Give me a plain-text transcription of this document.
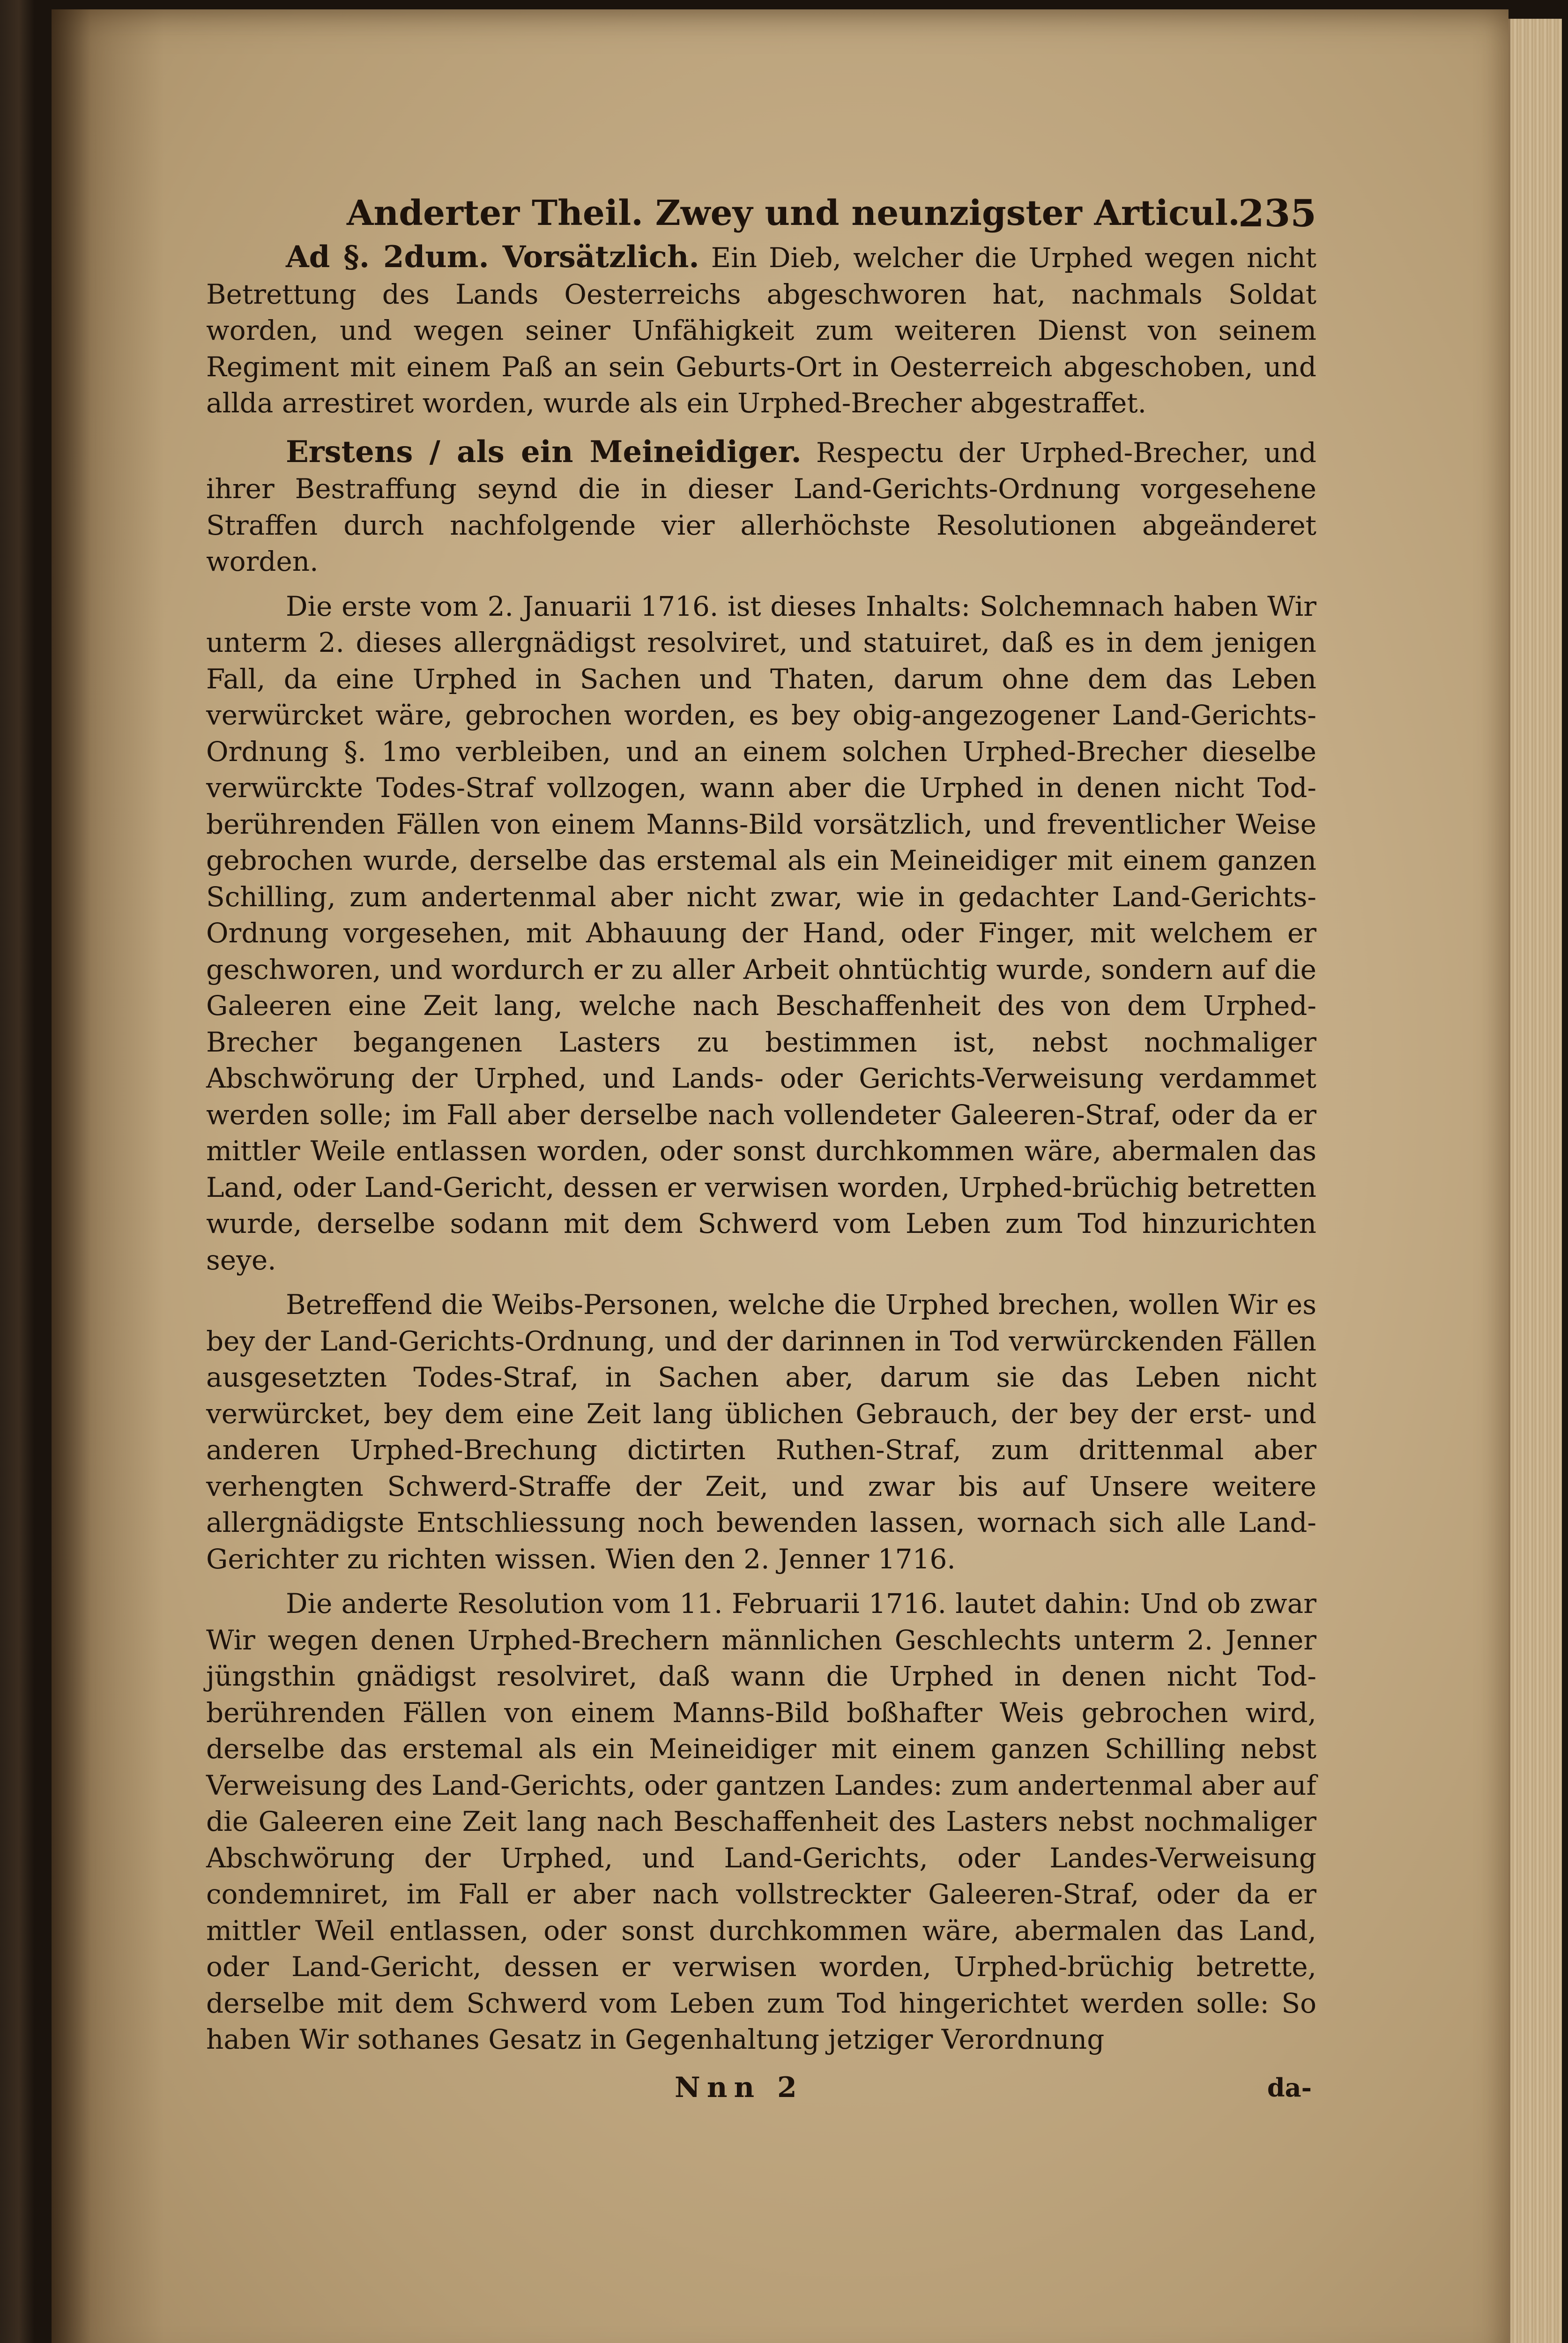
Anderter Theil. Zwey und neunzigster Articul.
235

Ad §. 2dum. Vorsätzlich. Ein Dieb, welcher die Urphed wegen nicht Betrettung des Lands Oesterreichs abgeschworen hat, nachmals Soldat worden, und wegen seiner Unfähigkeit zum weiteren Dienst von seinem Regiment mit einem Paß an sein Geburts-Ort in Oesterreich abgeschoben, und allda arrestiret worden, wurde als ein Urphed-Brecher abgestraffet.

Erstens / als ein Meineidiger. Respectu der Urphed-Brecher, und ihrer Bestraffung seynd die in dieser Land-Gerichts-Ordnung vorgesehene Straffen durch nachfolgende vier allerhöchste Resolutionen abgeänderet worden.

Die erste vom 2. Januarii 1716. ist dieses Inhalts: Solchemnach haben Wir unterm 2. dieses allergnädigst resolviret, und statuiret, daß es in dem jenigen Fall, da eine Urphed in Sachen und Thaten, darum ohne dem das Leben verwürcket wäre, gebrochen worden, es bey obig-angezogener Land-Gerichts-Ordnung §. 1mo verbleiben, und an einem solchen Urphed-Brecher dieselbe verwürckte Todes-Straf vollzogen, wann aber die Urphed in denen nicht Tod-berührenden Fällen von einem Manns-Bild vorsätzlich, und freventlicher Weise gebrochen wurde, derselbe das erstemal als ein Meineidiger mit einem ganzen Schilling, zum andertenmal aber nicht zwar, wie in gedachter Land-Gerichts-Ordnung vorgesehen, mit Abhauung der Hand, oder Finger, mit welchem er geschworen, und wordurch er zu aller Arbeit ohntüchtig wurde, sondern auf die Galeeren eine Zeit lang, welche nach Beschaffenheit des von dem Urphed-Brecher begangenen Lasters zu bestimmen ist, nebst nochmaliger Abschwörung der Urphed, und Lands- oder Gerichts-Verweisung verdammet werden solle; im Fall aber derselbe nach vollendeter Galeeren-Straf, oder da er mittler Weile entlassen worden, oder sonst durchkommen wäre, abermalen das Land, oder Land-Gericht, dessen er verwisen worden, Urphed-brüchig betretten wurde, derselbe sodann mit dem Schwerd vom Leben zum Tod hinzurichten seye.

Betreffend die Weibs-Personen, welche die Urphed brechen, wollen Wir es bey der Land-Gerichts-Ordnung, und der darinnen in Tod verwürckenden Fällen ausgesetzten Todes-Straf, in Sachen aber, darum sie das Leben nicht verwürcket, bey dem eine Zeit lang üblichen Gebrauch, der bey der erst- und anderen Urphed-Brechung dictirten Ruthen-Straf, zum drittenmal aber verhengten Schwerd-Straffe der Zeit, und zwar bis auf Unsere weitere allergnädigste Entschliessung noch bewenden lassen, wornach sich alle Land-Gerichter zu richten wissen. Wien den 2. Jenner 1716.

Die anderte Resolution vom 11. Februarii 1716. lautet dahin: Und ob zwar Wir wegen denen Urphed-Brechern männlichen Geschlechts unterm 2. Jenner jüngsthin gnädigst resolviret, daß wann die Urphed in denen nicht Tod-berührenden Fällen von einem Manns-Bild boßhafter Weis gebrochen wird, derselbe das erstemal als ein Meineidiger mit einem ganzen Schilling nebst Verweisung des Land-Gerichts, oder gantzen Landes: zum andertenmal aber auf die Galeeren eine Zeit lang nach Beschaffenheit des Lasters nebst nochmaliger Abschwörung der Urphed, und Land-Gerichts, oder Landes-Verweisung condemniret, im Fall er aber nach vollstreckter Galeeren-Straf, oder da er mittler Weil entlassen, oder sonst durchkommen wäre, abermalen das Land, oder Land-Gericht, dessen er verwisen worden, Urphed-brüchig betrette, derselbe mit dem Schwerd vom Leben zum Tod hingerichtet werden solle: So haben Wir sothanes Gesatz in Gegenhaltung jetziger Verordnung

Nnn 2	da-
